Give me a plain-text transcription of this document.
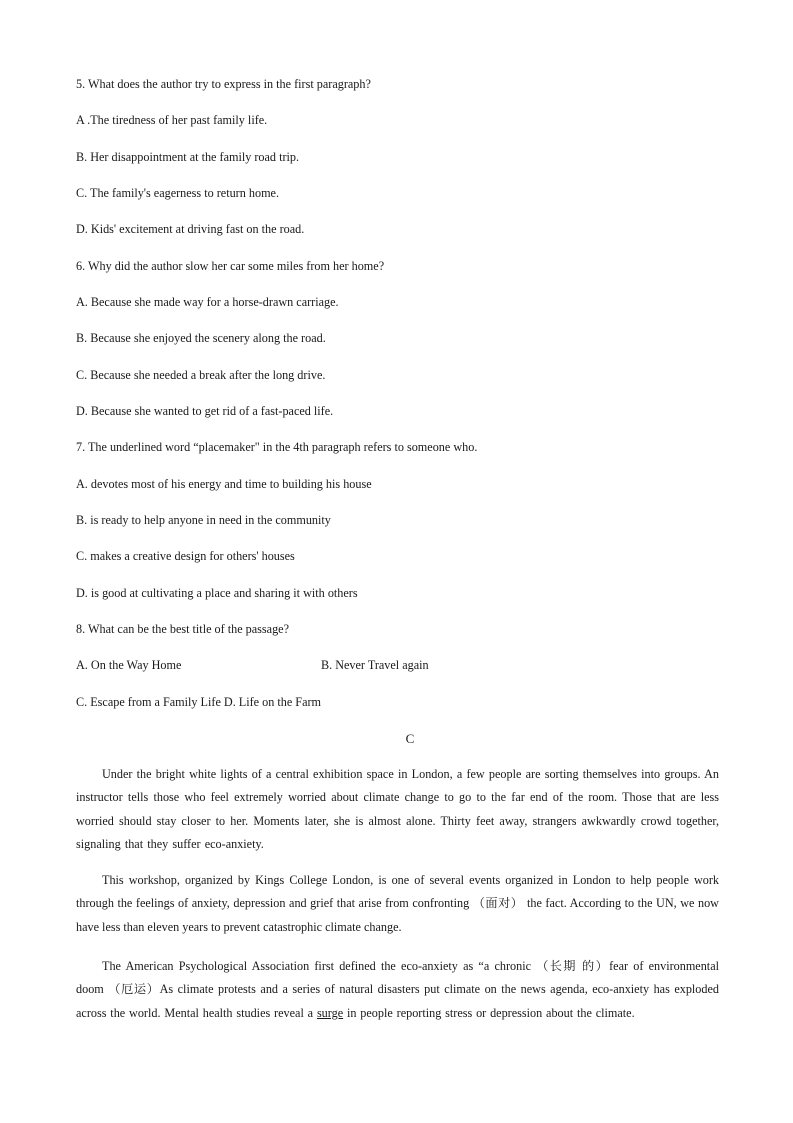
5. What does the author try to express in the first paragraph?
A .The tiredness of her past family life.
B. Her disappointment at the family road trip.
C. The family's eagerness to return home.
D. Kids' excitement at driving fast on the road.
6. Why did the author slow her car some miles from her home?
A. Because she made way for a horse-drawn carriage.
B. Because she enjoyed the scenery along the road.
C. Because she needed a break after the long drive.
D. Because she wanted to get rid of a fast-paced life.
7. The underlined word “placemaker" in the 4th paragraph refers to someone who.
A. devotes most of his energy and time to building his house
B. is ready to help anyone in need in the community
C. makes a creative design for others' houses
D. is good at cultivating a place and sharing it with others
8. What can be the best title of the passage?
A. On the Way Home	B. Never Travel again
C. Escape from a Family Life D. Life on the Farm
C
Under the bright white lights of a central exhibition space in London, a few people are sorting themselves into groups. An instructor tells those who feel extremely worried about climate change to go to the far end of the room. Those that are less worried should stay closer to her. Moments later, she is almost alone. Thirty feet away, strangers awkwardly crowd together, signaling that they suffer eco-anxiety.
This workshop, organized by Kings College London, is one of several events organized in London to help people work through the feelings of anxiety, depression and grief that arise from confronting （面对） the fact. According to the UN, we now have less than eleven years to prevent catastrophic climate change.
The American Psychological Association first defined the eco-anxiety as “a chronic （长期 的）fear of environmental doom （厄运）As climate protests and a series of natural disasters put climate on the news agenda, eco-anxiety has exploded across the world. Mental health studies reveal a surge in people reporting stress or depression about the climate.
